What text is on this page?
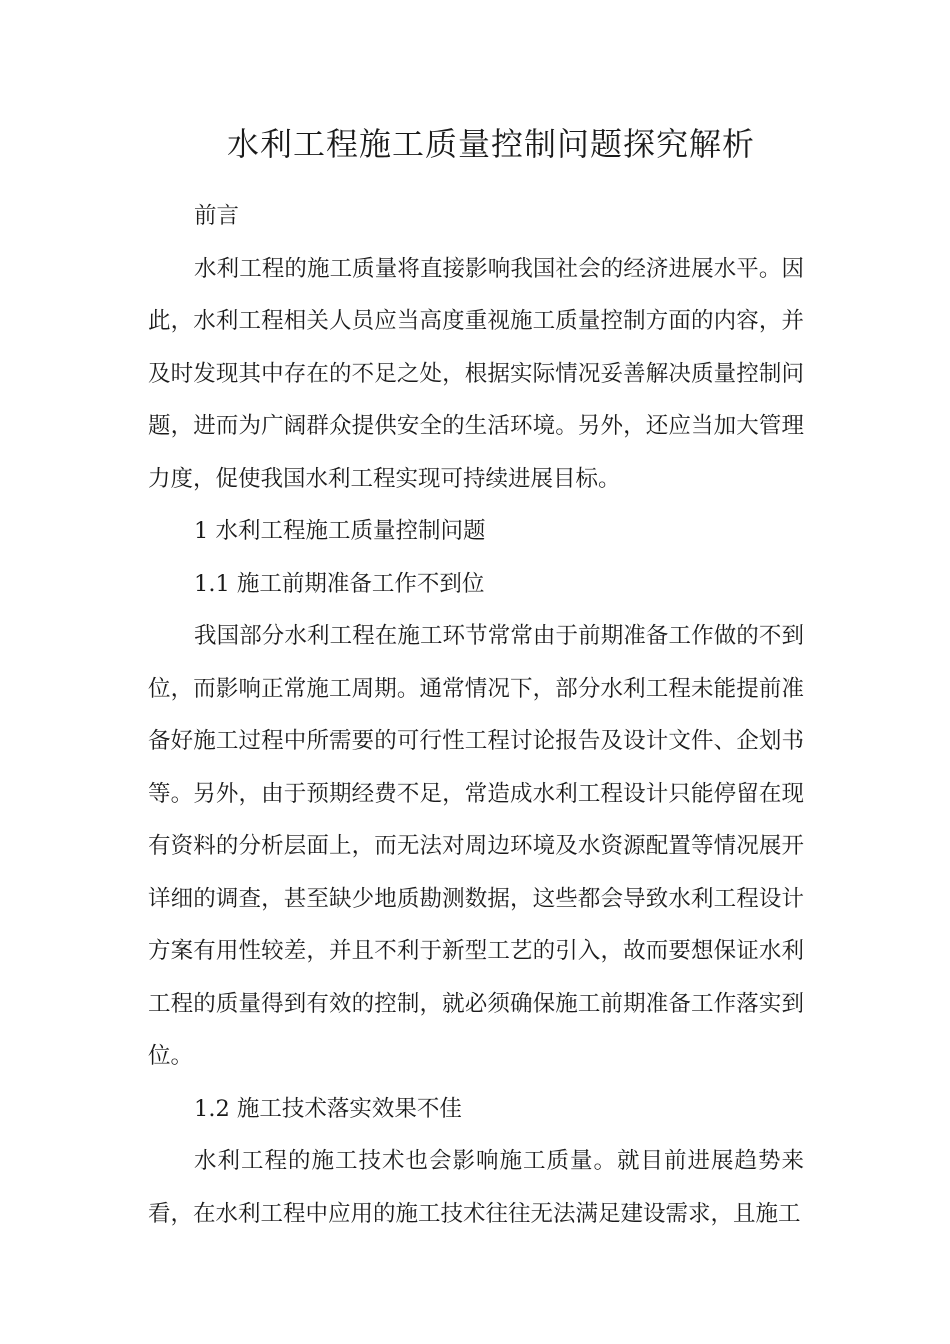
水利工程施工质量控制问题探究解析

前言

水利工程的施工质量将直接影响我国社会的经济进展水平。因此，水利工程相关人员应当高度重视施工质量控制方面的内容，并及时发现其中存在的不足之处，根据实际情况妥善解决质量控制问题，进而为广阔群众提供安全的生活环境。另外，还应当加大管理力度，促使我国水利工程实现可持续进展目标。

1 水利工程施工质量控制问题

1.1 施工前期准备工作不到位

我国部分水利工程在施工环节常常由于前期准备工作做的不到位，而影响正常施工周期。通常情况下，部分水利工程未能提前准备好施工过程中所需要的可行性工程讨论报告及设计文件、企划书等。另外，由于预期经费不足，常造成水利工程设计只能停留在现有资料的分析层面上，而无法对周边环境及水资源配置等情况展开详细的调查，甚至缺少地质勘测数据，这些都会导致水利工程设计方案有用性较差，并且不利于新型工艺的引入，故而要想保证水利工程的质量得到有效的控制，就必须确保施工前期准备工作落实到位。

1.2 施工技术落实效果不佳

水利工程的施工技术也会影响施工质量。就目前进展趋势来看，在水利工程中应用的施工技术往往无法满足建设需求，且施工
